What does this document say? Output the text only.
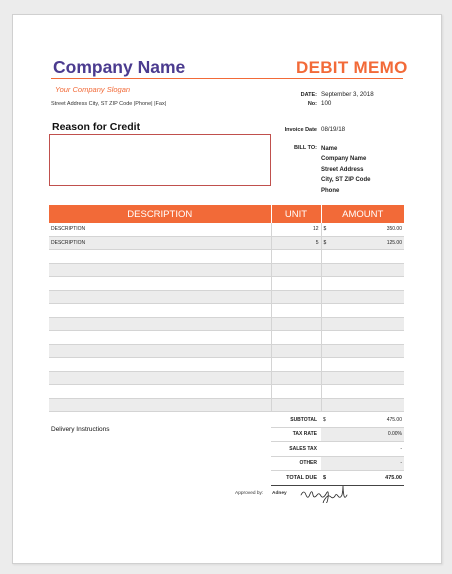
Company Name	DEBIT MEMO
Your Company Slogan
Street Address City, ST ZIP Code |Phone| |Fax|
DATE: September 3, 2018
No: 100
Reason for Credit	Invoice Date 08/19/18
BILL TO: Name
Company Name
Street Address
City, ST ZIP Code
Phone
DESCRIPTION	UNIT	AMOUNT
DESCRIPTION	12	$ 350.00

DESCRIPTION	5	$ 125.00

Delivery Instructions
SUBTOTAL	$ 475.00

TAX RATE	0.00%
SALES TAX	-
OTHER	-
TOTAL DUE	$ 475.00
Approved by: Adney
